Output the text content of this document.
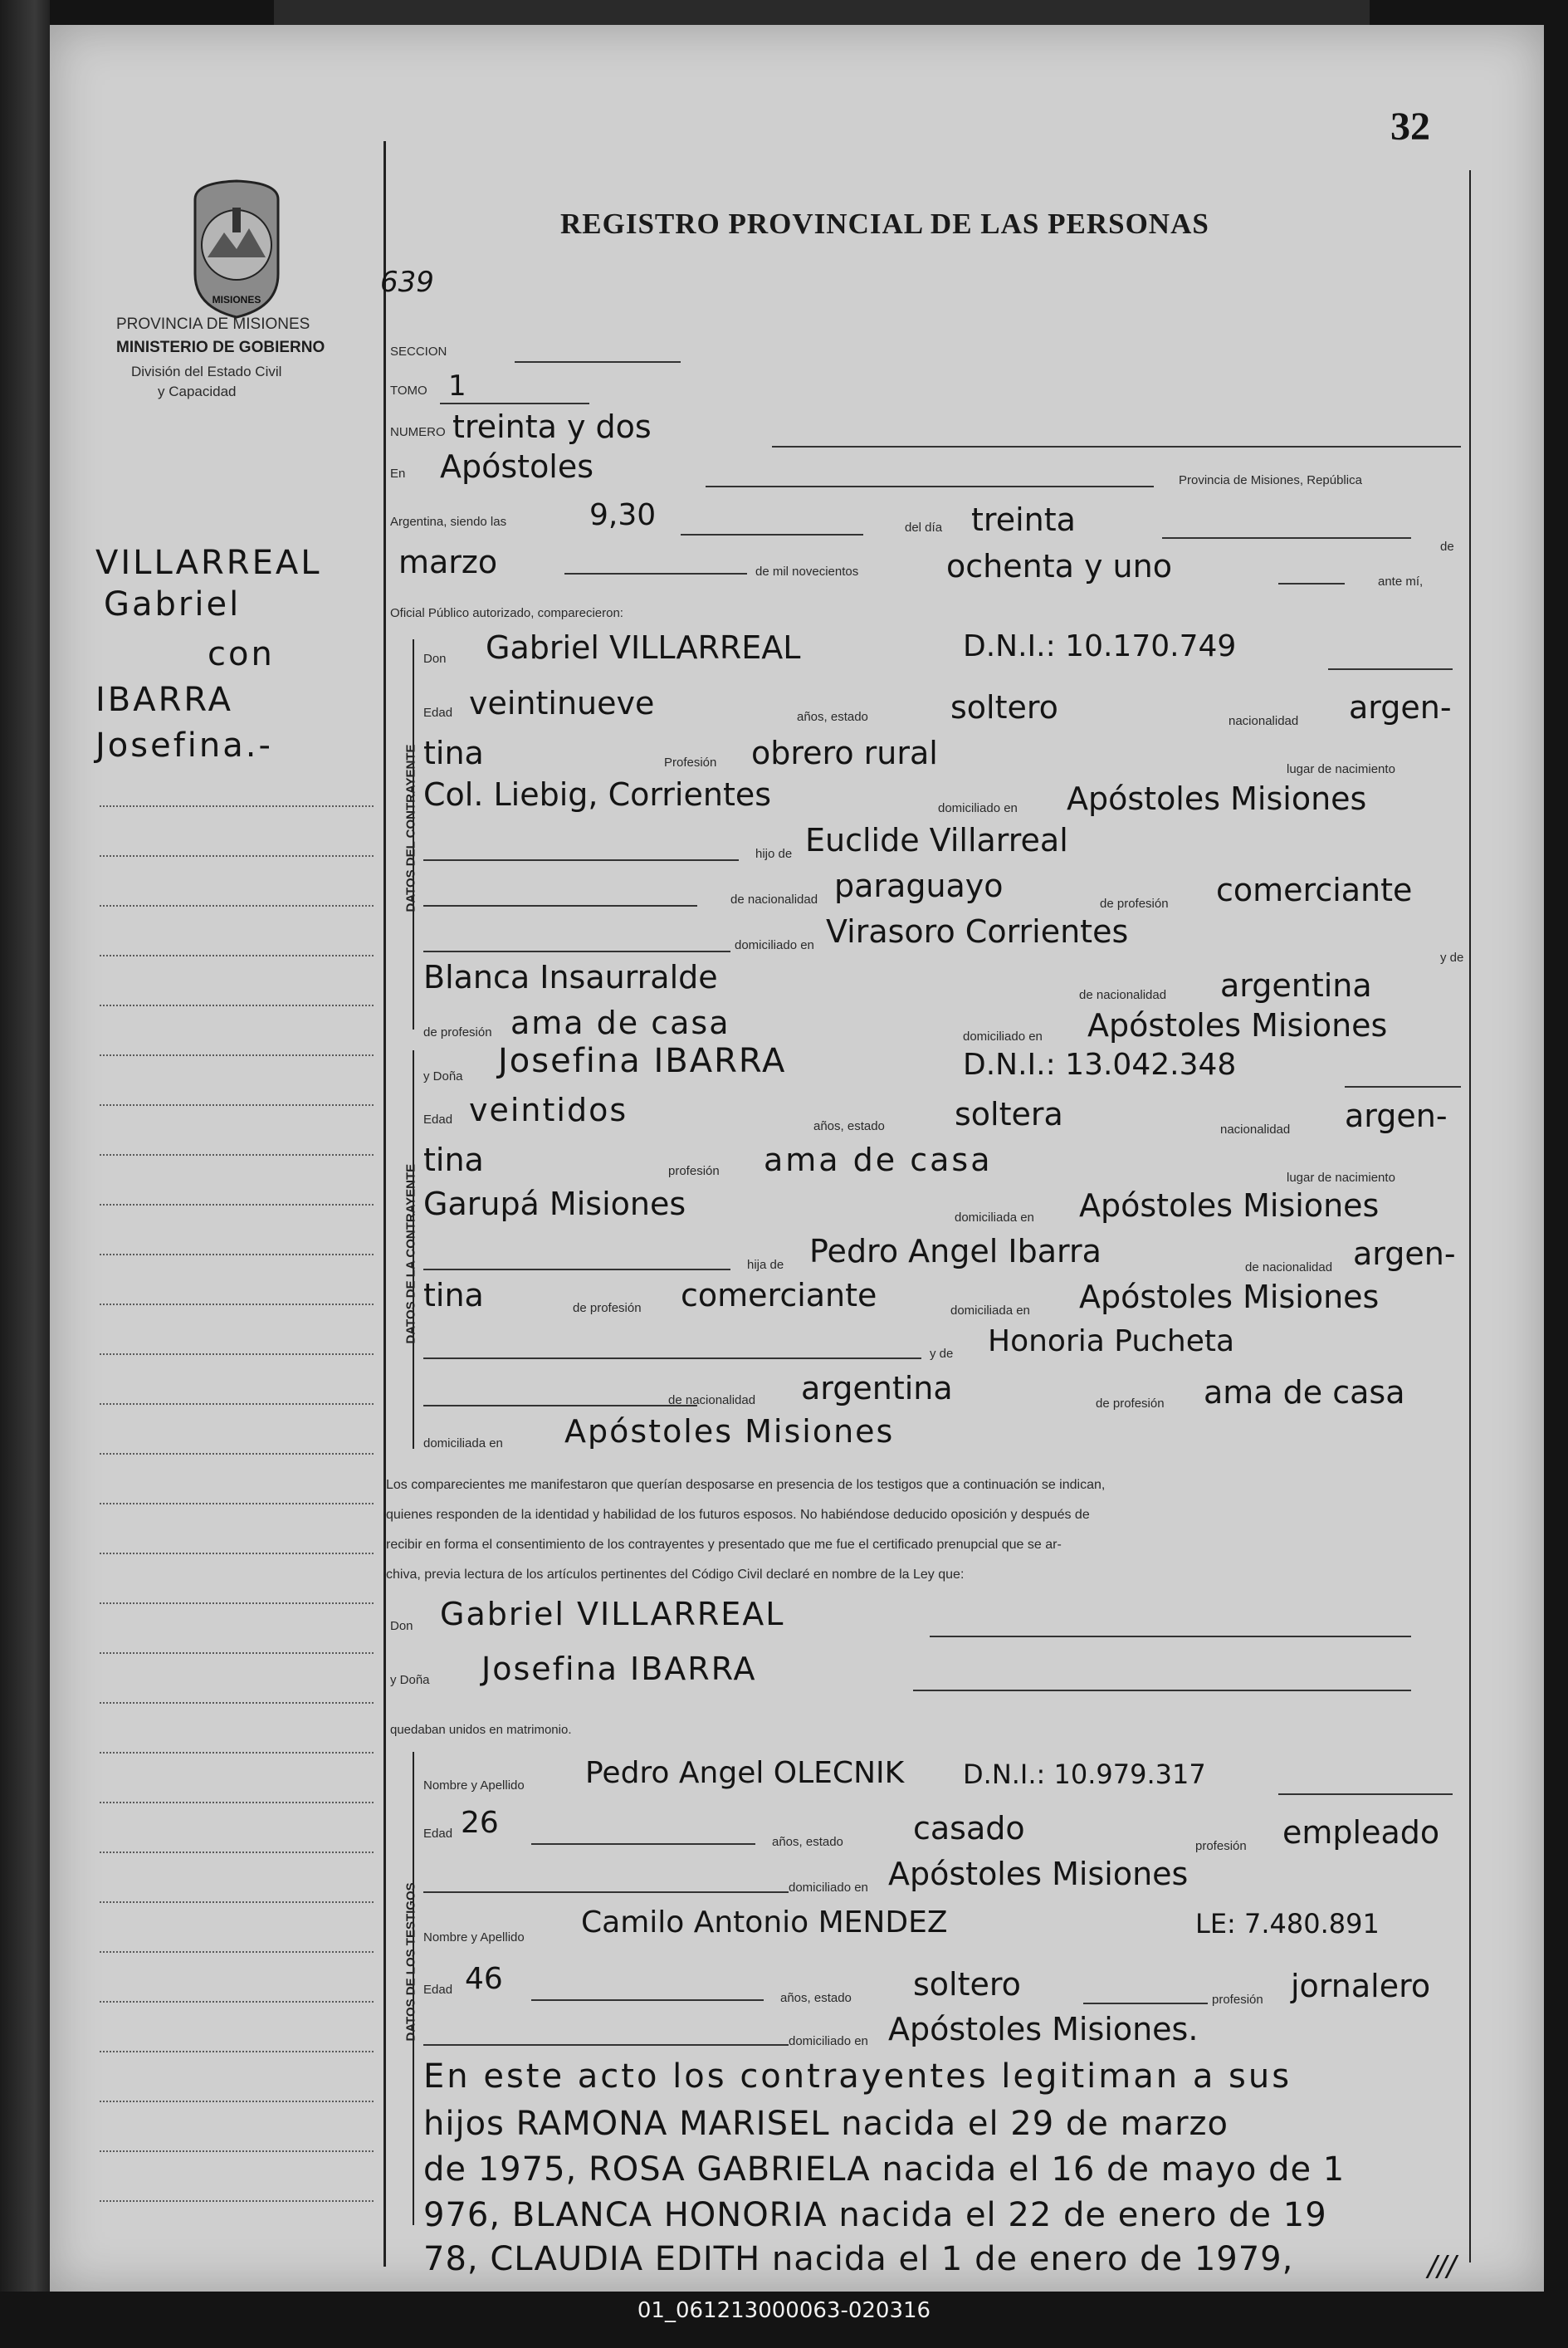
32
MISIONES
PROVINCIA DE MISIONES
MINISTERIO DE GOBIERNO
División del Estado Civil
y Capacidad
VILLARREAL
Gabriel
con
IBARRA
Josefina.-
REGISTRO PROVINCIAL DE LAS PERSONAS
639
SECCION
TOMO 1
NUMERO treinta y dos
En Apóstoles	Provincia de Misiones, República
Argentina, siendo las	9,30	del día treinta
de
marzo	de mil novecientos	ochenta y uno	ante mí,
Oficial Público autorizado, comparecieron:
DATOS DEL CONTRAYENTE
Don Gabriel VILLARREAL	D.N.I.: 10.170.749
Edad veintinueve	años, estado	soltero	nacionalidad argen-
tina	Profesión obrero rural	lugar de nacimiento
Col. Liebig, Corrientes	domiciliado en Apóstoles Misiones
hijo de Euclide Villarreal
de nacionalidad paraguayo	de profesión comerciante
domiciliado en Virasoro Corrientes
y de
Blanca Insaurralde	de nacionalidad argentina
de profesión ama de casa	domiciliado en Apóstoles Misiones
DATOS DE LA CONTRAYENTE
y Doña Josefina IBARRA	D.N.I.: 13.042.348
Edad veintidos	años, estado soltera	nacionalidad argen-
tina	profesión ama de casa	lugar de nacimiento
Garupá Misiones	domiciliada en Apóstoles Misiones
hija de Pedro Angel Ibarra	de nacionalidad argen-
tina	de profesión comerciante	domiciliada en Apóstoles Misiones
y de Honoria Pucheta
de nacionalidad argentina	de profesión ama de casa
domiciliada en Apóstoles Misiones
Los comparecientes me manifestaron que querían desposarse en presencia de los testigos que a continuación se indican,
quienes responden de la identidad y habilidad de los futuros esposos. No habiéndose deducido oposición y después de
recibir en forma el consentimiento de los contrayentes y presentado que me fue el certificado prenupcial que se ar-
chiva, previa lectura de los artículos pertinentes del Código Civil declaré en nombre de la Ley que:
Don Gabriel VILLARREAL
y Doña Josefina IBARRA
quedaban unidos en matrimonio.
DATOS DE LOS TESTIGOS
Nombre y Apellido Pedro Angel OLECNIK D.N.I.: 10.979.317
Edad 26
años, estado casado	profesión empleado
domiciliado en Apóstoles Misiones
Nombre y Apellido Camilo Antonio MENDEZ	LE: 7.480.891
Edad 46
años, estado soltero	profesión jornalero
domiciliado en Apóstoles Misiones.
En este acto los contrayentes legitiman a sus
hijos RAMONA MARISEL nacida el 29 de marzo
de 1975, ROSA GABRIELA nacida el 16 de mayo de 1
976, BLANCA HONORIA nacida el 22 de enero de 19
78, CLAUDIA EDITH nacida el 1 de enero de 1979,	///
01_061213000063-020316
